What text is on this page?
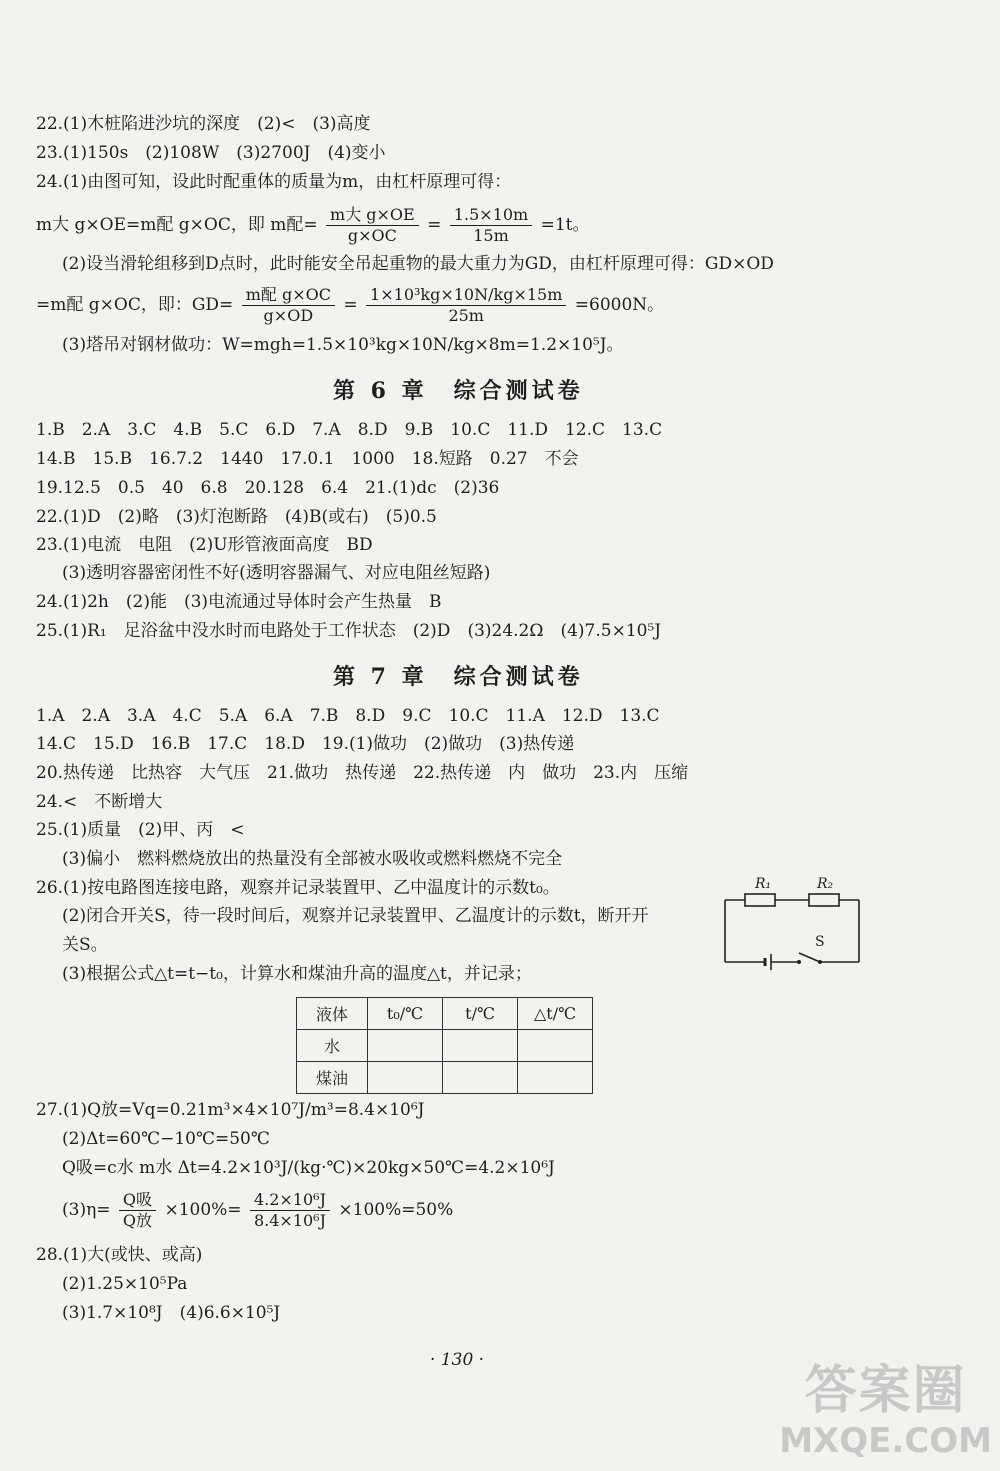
22.(1)木桩陷进沙坑的深度　(2)<　(3)高度
23.(1)150s　(2)108W　(3)2700J　(4)变小
24.(1)由图可知，设此时配重体的质量为m，由杠杆原理可得：
m大 g×OE=m配 g×OC，即 m配= $\frac{\text{m大 g×OE}}{g\times OC} = \frac{1.5\times 10m}{15m} =1t$。
(2)设当滑轮组移到D点时，此时能安全吊起重物的最大重力为GD，由杠杆原理可得：GD×OD
=m配 g×OC，即：$GD= \frac{\text{m配 g×OC}}{g\times OD} = \frac{\text{1×10³kg×10N/kg×15m}}{25m} =6000N$。
(3)塔吊对钢材做功：W=mgh=1.5×10³kg×10N/kg×8m=1.2×10⁵J。
第 6 章　综合测试卷
1.B　2.A　3.C　4.B　5.C　6.D　7.A　8.D　9.B　10.C　11.D　12.C　13.C
14.B　15.B　16.7.2　1440　17.0.1　1000　18.短路　0.27　不会
19.12.5　0.5　40　6.8　20.128　6.4　21.(1)dc　(2)36
22.(1)D　(2)略　(3)灯泡断路　(4)B(或右)　(5)0.5
23.(1)电流　电阻　(2)U形管液面高度　BD
(3)透明容器密闭性不好(透明容器漏气、对应电阻丝短路)
24.(1)2h　(2)能　(3)电流通过导体时会产生热量　B
25.(1)R₁　足浴盆中没水时而电路处于工作状态　(2)D　(3)24.2Ω　(4)7.5×10⁵J
第 7 章　综合测试卷
1.A　2.A　3.A　4.C　5.A　6.A　7.B　8.D　9.C　10.C　11.A　12.D　13.C
14.C　15.D　16.B　17.C　18.D　19.(1)做功　(2)做功　(3)热传递
20.热传递　比热容　大气压　21.做功　热传递　22.热传递　内　做功　23.内　压缩
24.<　不断增大
25.(1)质量　(2)甲、丙　<
(3)偏小　燃料燃烧放出的热量没有全部被水吸收或燃料燃烧不完全
26.(1)按电路图连接电路，观察并记录装置甲、乙中温度计的示数t₀。
(2)闭合开关S，待一段时间后，观察并记录装置甲、乙温度计的示数t，断开开
关S。
(3)根据公式△t=t−t₀，计算水和煤油升高的温度△t，并记录；
R₁	R₂
S
液体	t₀/℃	t/℃	△t/℃
水			
煤油			
27.(1)Q放=Vq=0.21m³×4×10⁷J/m³=8.4×10⁶J
(2)Δt=60℃−10℃=50℃
Q吸=c水 m水 Δt=4.2×10³J/(kg·℃)×20kg×50℃=4.2×10⁶J
$(3)\eta= \frac{\text{Q吸}}{\text{Q放}} \times 100\%= \frac{\text{4.2×10⁶J}}{\text{8.4×10⁶J}} \times 100\%=50\%$
28.(1)大(或快、或高)
(2)1.25×10⁵Pa
(3)1.7×10⁸J　(4)6.6×10⁵J
· 130 ·
答案圈
MXQE.COM
